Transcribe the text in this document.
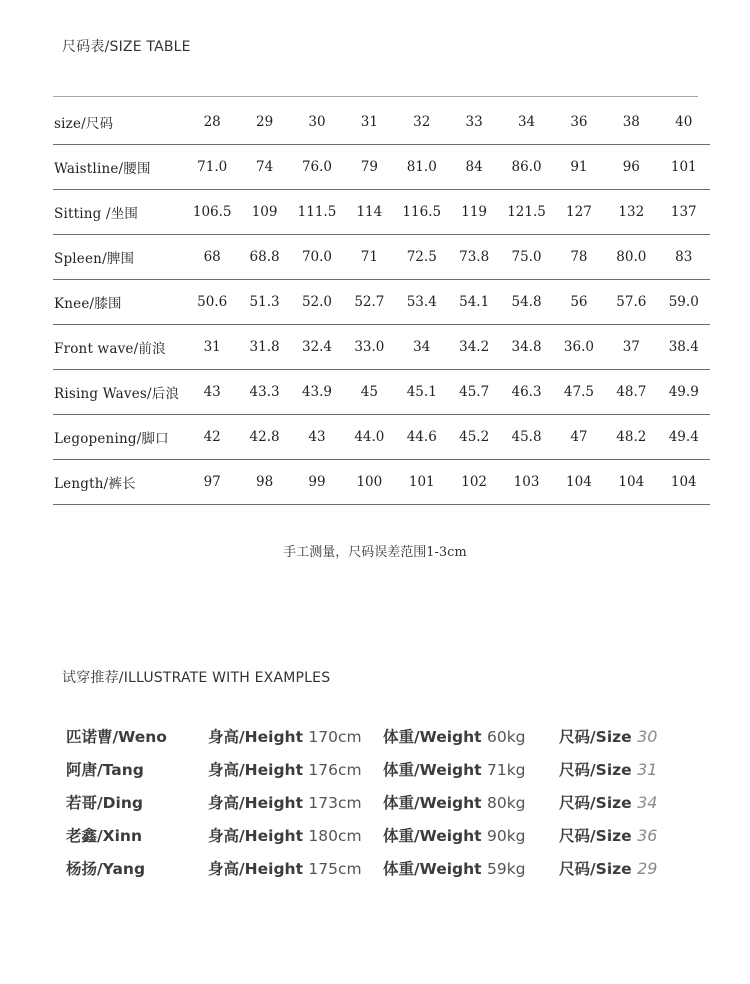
尺码表/SIZE TABLE
size/尺码	28	29	30	31	32	33	34	36	38	40
Waistline/腰围	71.0	74	76.0	79	81.0	84	86.0	91	96	101
Sitting /坐围	106.5	109	111.5	114	116.5	119	121.5	127	132	137
Spleen/脾围	68	68.8	70.0	71	72.5	73.8	75.0	78	80.0	83
Knee/膝围	50.6	51.3	52.0	52.7	53.4	54.1	54.8	56	57.6	59.0
Front wave/前浪	31	31.8	32.4	33.0	34	34.2	34.8	36.0	37	38.4
Rising Waves/后浪	43	43.3	43.9	45	45.1	45.7	46.3	47.5	48.7	49.9
Legopening/脚口	42	42.8	43	44.0	44.6	45.2	45.8	47	48.2	49.4
Length/裤长	97	98	99	100	101	102	103	104	104	104
手工测量，尺码误差范围1-3cm
试穿推荐/ILLUSTRATE WITH EXAMPLES
匹诺曹/Weno	身高/Height 170cm 体重/Weight 60kg 尺码/Size 30
阿唐/Tang	身高/Height 176cm 体重/Weight 71kg 尺码/Size 31
若哥/Ding	身高/Height 173cm 体重/Weight 80kg 尺码/Size 34
老鑫/Xinn	身高/Height 180cm 体重/Weight 90kg 尺码/Size 36
杨扬/Yang	身高/Height 175cm 体重/Weight 59kg 尺码/Size 29
